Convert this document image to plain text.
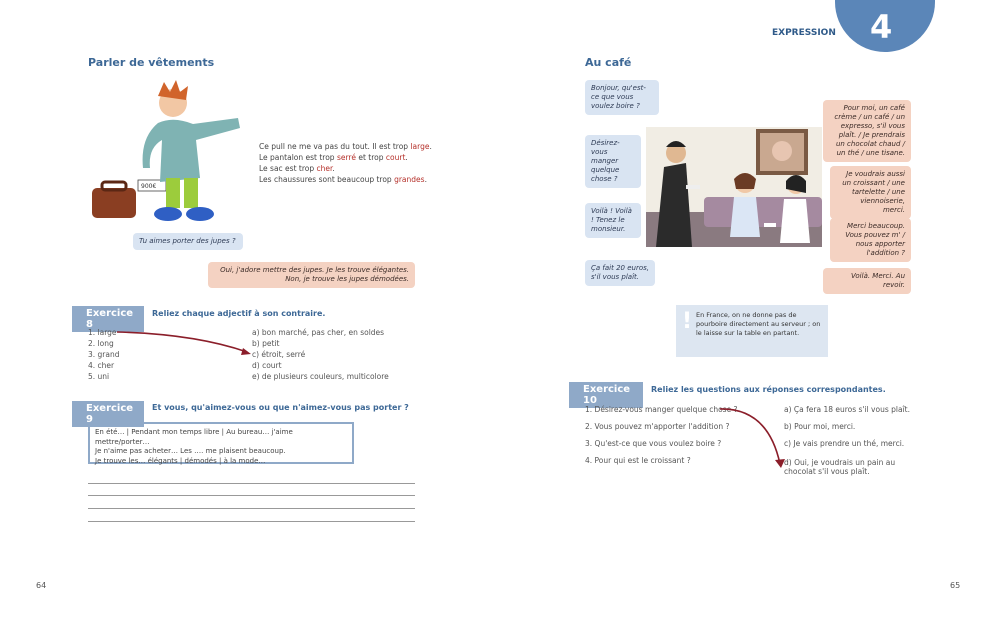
EXPRESSION 4
Parler de vêtements
900€
Ce pull ne me va pas du tout. Il est trop large.
Le pantalon est trop serré et trop court.
Le sac est trop cher.
Les chaussures sont beaucoup trop grandes.
Tu aimes porter des jupes ?
Oui, j'adore mettre des jupes. Je les trouve élégantes.
Non, je trouve les jupes démodées.
Exercice 8
Reliez chaque adjectif à son contraire.
1. large
2. long
3. grand
4. cher
5. uni
a) bon marché, pas cher, en soldes
b) petit
c) étroit, serré
d) court
e) de plusieurs couleurs, multicolore
Exercice 9
Et vous, qu'aimez-vous ou que n'aimez-vous pas porter ?
En été… | Pendant mon temps libre | Au bureau… j'aime mettre/porter…
Je n'aime pas acheter… Les …. me plaisent beaucoup.
Je trouve les… élégants | démodés | à la mode…
64
Au café
Bonjour, qu'est-ce que vous voulez boire ?
Désirez-vous manger quelque chose ?
Voilà ! Voilà ! Tenez le monsieur.
Ça fait 20 euros, s'il vous plaît.
Pour moi, un café crème / un café / un expresso, s'il vous plaît. / Je prendrais un chocolat chaud / un thé / une tisane.
Je voudrais aussi un croissant / une tartelette / une viennoiserie, merci.
Merci beaucoup. Vous pouvez m' / nous apporter l'addition ?
Voilà. Merci. Au revoir.
! En France, on ne donne pas de pourboire directement au serveur ; on le laisse sur la table en partant.
Exercice 10
Reliez les questions aux réponses correspondantes.
1. Désirez-vous manger quelque chose ?
2. Vous pouvez m'apporter l'addition ?
3. Qu'est-ce que vous voulez boire ?
4. Pour qui est le croissant ?
a) Ça fera 18 euros s'il vous plaît.
b) Pour moi, merci.
c) Je vais prendre un thé, merci.
d) Oui, je voudrais un pain au chocolat s'il vous plaît.
65
